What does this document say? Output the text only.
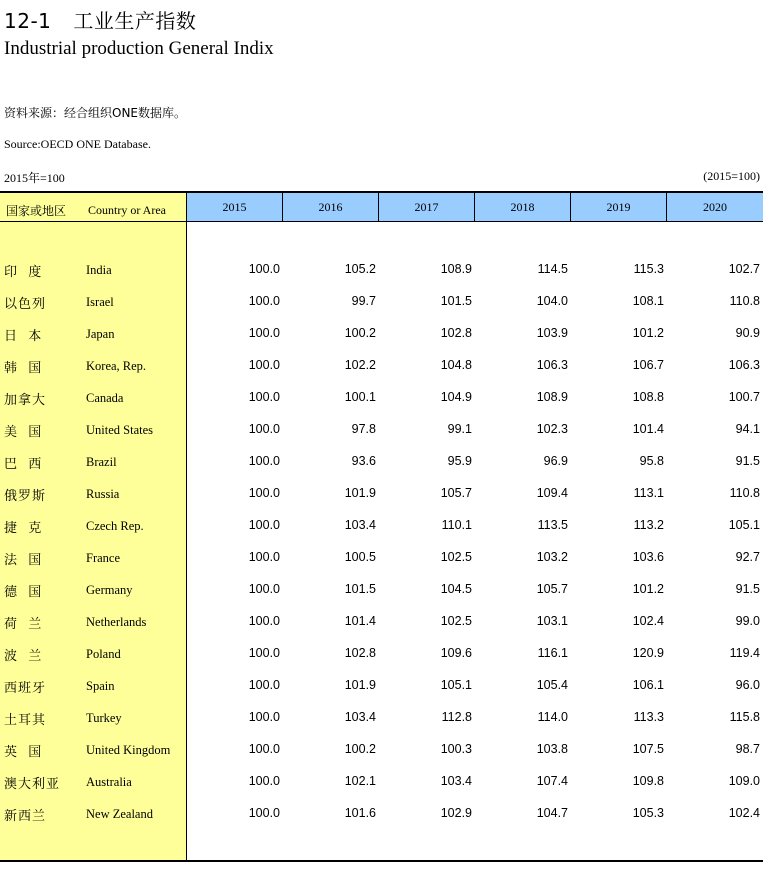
12-1 工业生产指数
Industrial production General Indix
资料来源：经合组织ONE数据库。
Source:OECD ONE Database.
2015年=100	(2015=100)
国家或地区 Country or Area	2015	2016	2017	2018	2019	2020
印  度	India	100.0	105.2	108.9	114.5	115.3	102.7
以色列	Israel	100.0	99.7	101.5	104.0	108.1	110.8
日  本	Japan	100.0	100.2	102.8	103.9	101.2	90.9
韩  国	Korea, Rep.	100.0	102.2	104.8	106.3	106.7	106.3
加拿大	Canada	100.0	100.1	104.9	108.9	108.8	100.7
美  国	United States	100.0	97.8	99.1	102.3	101.4	94.1
巴  西	Brazil	100.0	93.6	95.9	96.9	95.8	91.5
俄罗斯	Russia	100.0	101.9	105.7	109.4	113.1	110.8
捷  克	Czech Rep.	100.0	103.4	110.1	113.5	113.2	105.1
法  国	France	100.0	100.5	102.5	103.2	103.6	92.7
德  国	Germany	100.0	101.5	104.5	105.7	101.2	91.5
荷  兰	Netherlands	100.0	101.4	102.5	103.1	102.4	99.0
波  兰	Poland	100.0	102.8	109.6	116.1	120.9	119.4
西班牙	Spain	100.0	101.9	105.1	105.4	106.1	96.0
土耳其	Turkey	100.0	103.4	112.8	114.0	113.3	115.8
英  国	United Kingdom	100.0	100.2	100.3	103.8	107.5	98.7
澳大利亚 Australia	100.0	102.1	103.4	107.4	109.8	109.0
新西兰	New Zealand	100.0	101.6	102.9	104.7	105.3	102.4
